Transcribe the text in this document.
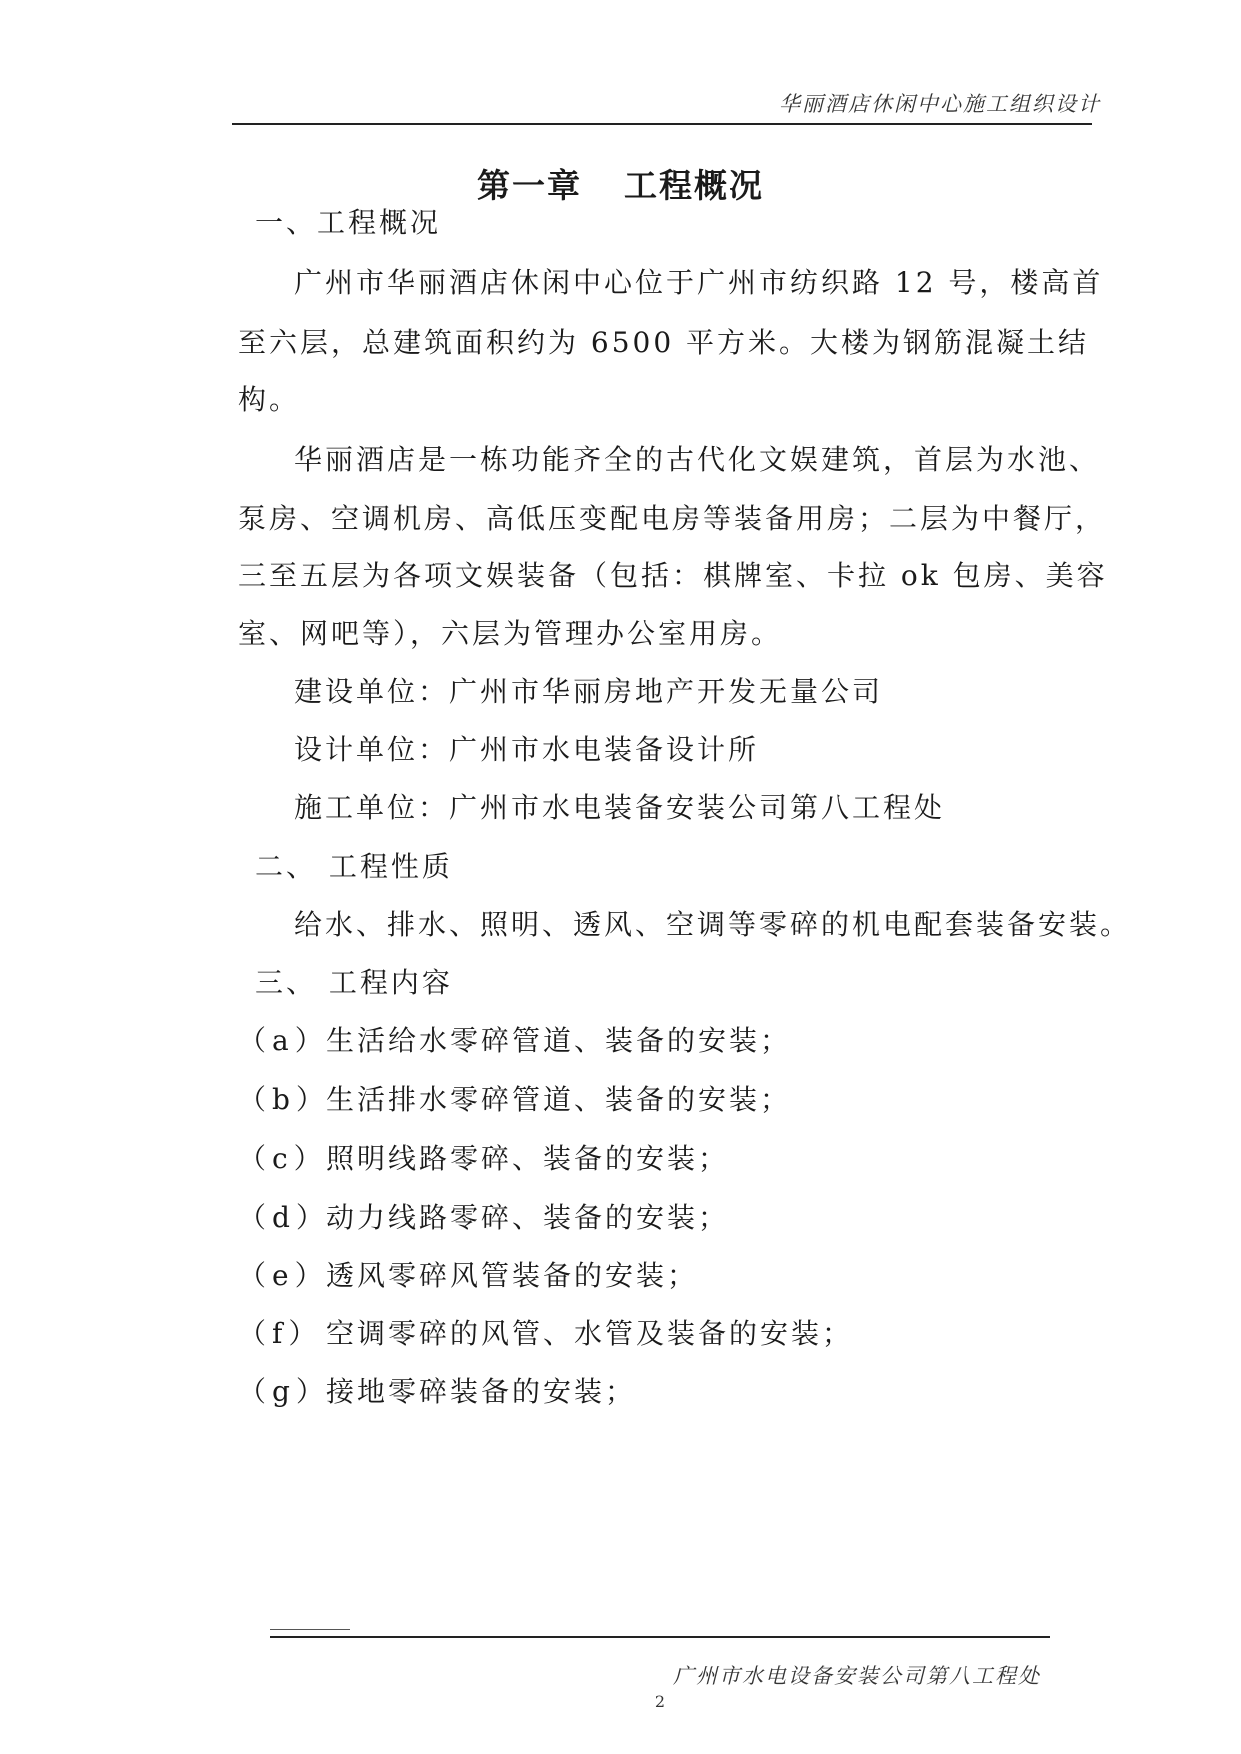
华丽酒店休闲中心施工组织设计
第一章 工程概况
一、工程概况
广州市华丽酒店休闲中心位于广州市纺织路 12 号，楼高首
至六层，总建筑面积约为 6500 平方米。大楼为钢筋混凝土结
构。
华丽酒店是一栋功能齐全的古代化文娱建筑，首层为水池、
泵房、空调机房、高低压变配电房等装备用房；二层为中餐厅，
三至五层为各项文娱装备（包括：棋牌室、卡拉 ok 包房、美容
室、网吧等），六层为管理办公室用房。
建设单位：广州市华丽房地产开发无量公司
设计单位：广州市水电装备设计所
施工单位：广州市水电装备安装公司第八工程处
二、 工程性质
给水、排水、照明、透风、空调等零碎的机电配套装备安装。
三、 工程内容
（a）生活给水零碎管道、装备的安装；
（b）生活排水零碎管道、装备的安装；
（c）照明线路零碎、装备的安装；
（d）动力线路零碎、装备的安装；
（e）透风零碎风管装备的安装；
（f） 空调零碎的风管、水管及装备的安装；
（g）接地零碎装备的安装；
广州市水电设备安装公司第八工程处
2
